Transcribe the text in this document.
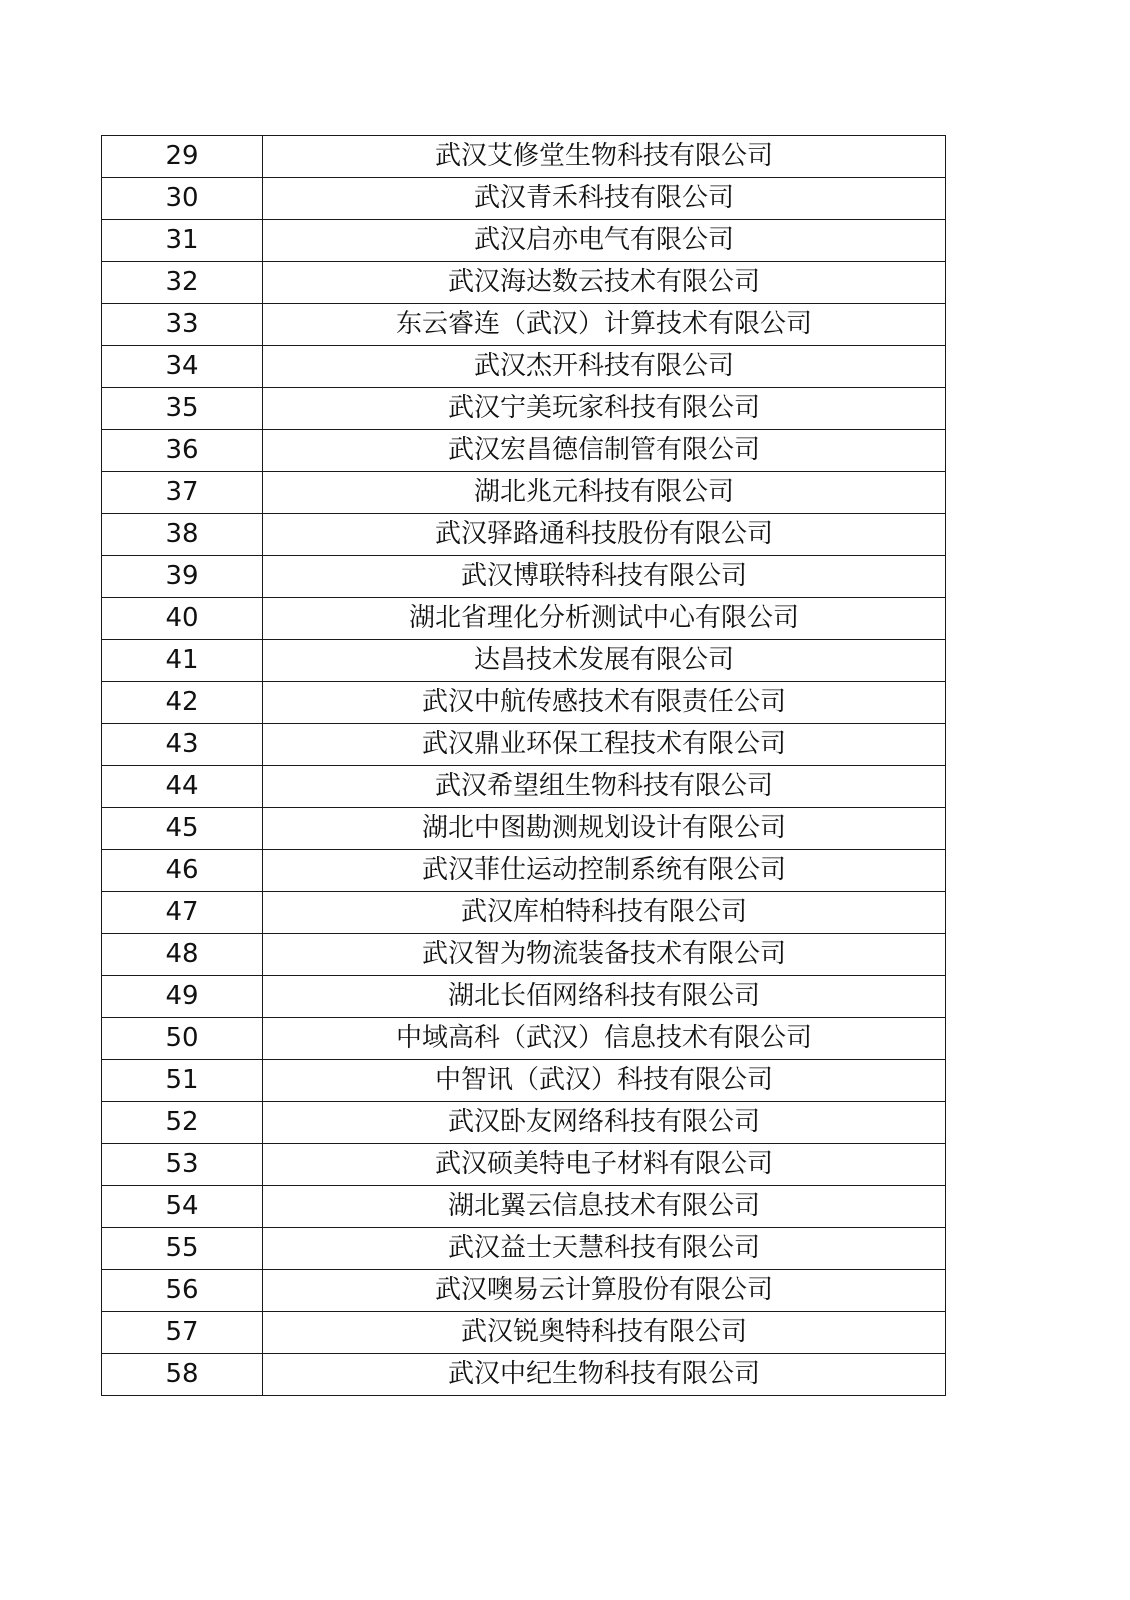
29	武汉艾修堂生物科技有限公司
30	武汉青禾科技有限公司
31	武汉启亦电气有限公司
32	武汉海达数云技术有限公司
33	东云睿连（武汉）计算技术有限公司
34	武汉杰开科技有限公司
35	武汉宁美玩家科技有限公司
36	武汉宏昌德信制管有限公司
37	湖北兆元科技有限公司
38	武汉驿路通科技股份有限公司
39	武汉博联特科技有限公司
40	湖北省理化分析测试中心有限公司
41	达昌技术发展有限公司
42	武汉中航传感技术有限责任公司
43	武汉鼎业环保工程技术有限公司
44	武汉希望组生物科技有限公司
45	湖北中图勘测规划设计有限公司
46	武汉菲仕运动控制系统有限公司
47	武汉库柏特科技有限公司
48	武汉智为物流装备技术有限公司
49	湖北长佰网络科技有限公司
50	中域高科（武汉）信息技术有限公司
51	中智讯（武汉）科技有限公司
52	武汉卧友网络科技有限公司
53	武汉硕美特电子材料有限公司
54	湖北翼云信息技术有限公司
55	武汉益士天慧科技有限公司
56	武汉噢易云计算股份有限公司
57	武汉锐奥特科技有限公司
58	武汉中纪生物科技有限公司
